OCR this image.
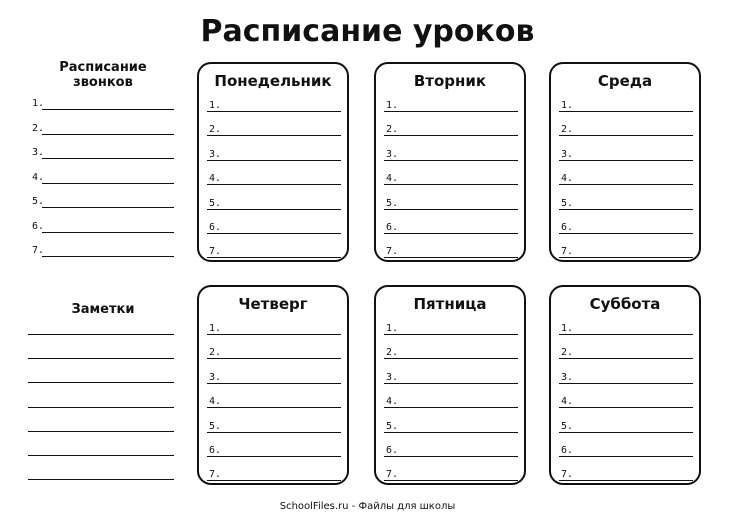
Расписание уроков
Расписание звонков
1.
2.
3.
4.
5.
6.
7.
Заметки
Понедельник
1.
2.
3.
4.
5.
6.
7.
Вторник
1.
2.
3.
4.
5.
6.
7.
Среда
1.
2.
3.
4.
5.
6.
7.
Четверг
1.
2.
3.
4.
5.
6.
7.
Пятница
1.
2.
3.
4.
5.
6.
7.
Суббота
1.
2.
3.
4.
5.
6.
7.
SchoolFiles.ru - Файлы для школы
